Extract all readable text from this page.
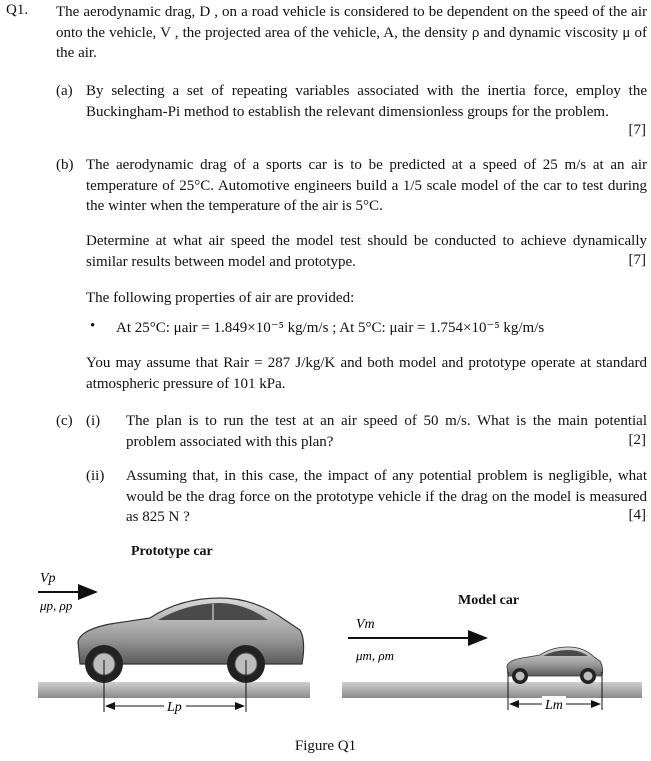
Q1. The aerodynamic drag, D , on a road vehicle is considered to be dependent on the speed of the air onto the vehicle, V , the projected area of the vehicle, A, the density ρ and dynamic viscosity μ of the air.
(a) By selecting a set of repeating variables associated with the inertia force, employ the Buckingham-Pi method to establish the relevant dimensionless groups for the problem.
[7]
(b) The aerodynamic drag of a sports car is to be predicted at a speed of 25 m/s at an air temperature of 25°C. Automotive engineers build a 1/5 scale model of the car to test during the winter when the temperature of the air is 5°C.
Determine at what air speed the model test should be conducted to achieve dynamically similar results between model and prototype.	[7]
The following properties of air are provided:
• At 25°C: μair = 1.849×10⁻⁵ kg/m/s ; At 5°C: μair = 1.754×10⁻⁵ kg/m/s
You may assume that Rair = 287 J/kg/K and both model and prototype operate at standard atmospheric pressure of 101 kPa.
(c) (i) The plan is to run the test at an air speed of 50 m/s. What is the main potential problem associated with this plan?	[2]
(ii) Assuming that, in this case, the impact of any potential problem is negligible, what would be the drag force on the prototype vehicle if the drag on the model is measured as 825 N ?	[4]
Prototype car
Model car
Vp
μp, ρp
Lp
Vm
μm, ρm
Lm
Figure Q1
